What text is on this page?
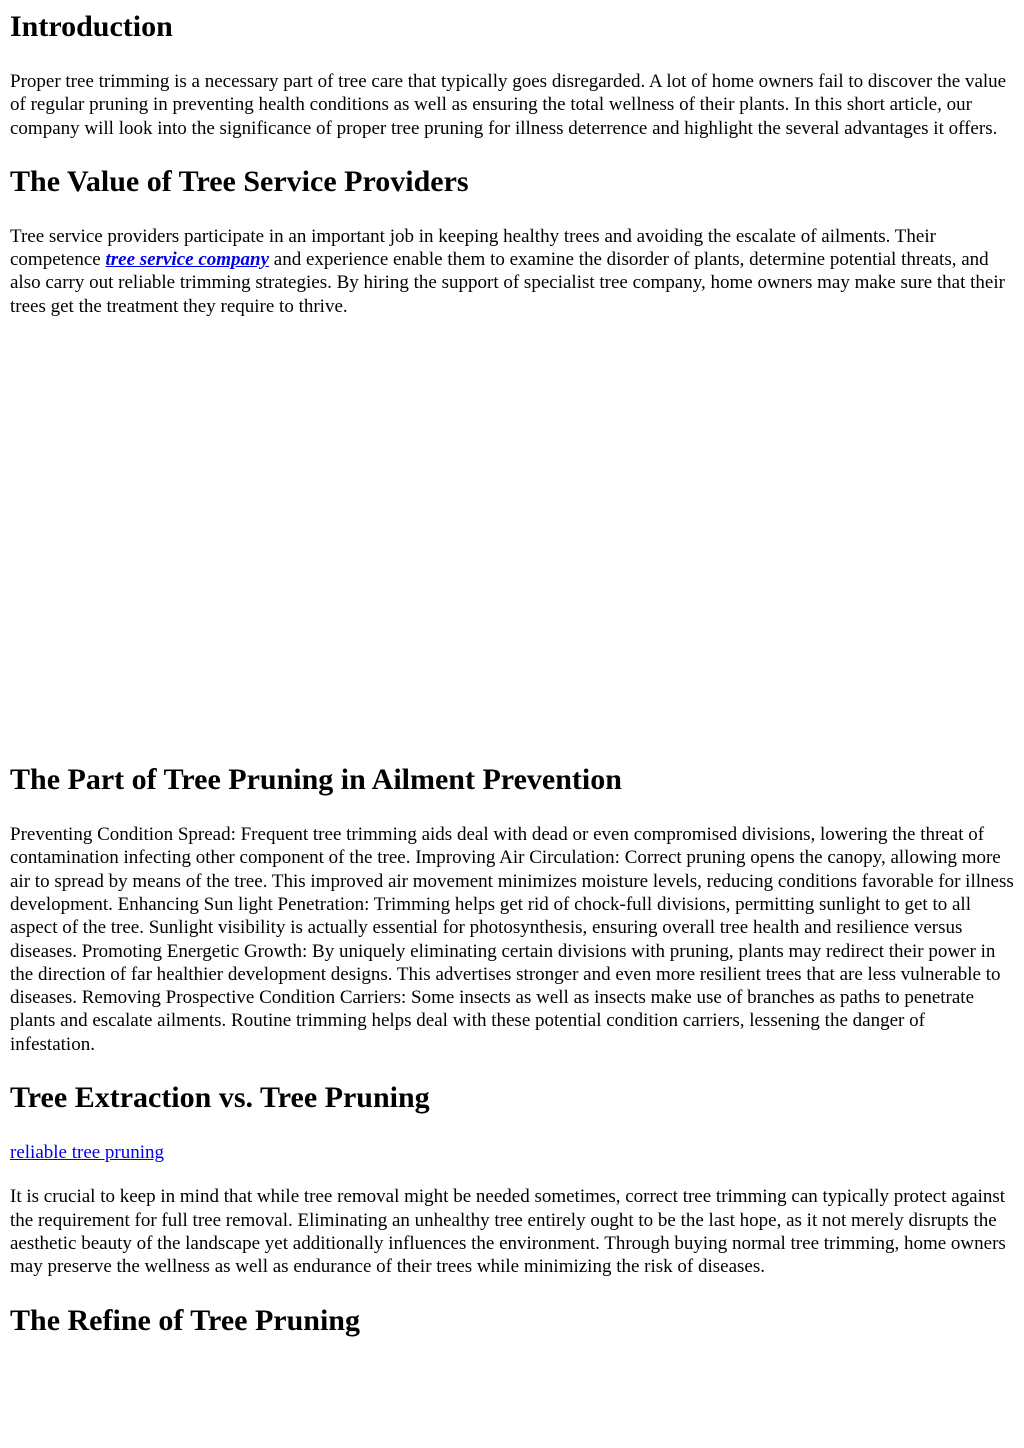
Introduction

Proper tree trimming is a necessary part of tree care that typically goes disregarded. A lot of home owners fail to discover the value of regular pruning in preventing health conditions as well as ensuring the total wellness of their plants. In this short article, our company will look into the significance of proper tree pruning for illness deterrence and highlight the several advantages it offers.

The Value of Tree Service Providers

Tree service providers participate in an important job in keeping healthy trees and avoiding the escalate of ailments. Their competence tree service company and experience enable them to examine the disorder of plants, determine potential threats, and also carry out reliable trimming strategies. By hiring the support of specialist tree company, home owners may make sure that their trees get the treatment they require to thrive.

The Part of Tree Pruning in Ailment Prevention

Preventing Condition Spread: Frequent tree trimming aids deal with dead or even compromised divisions, lowering the threat of contamination infecting other component of the tree. Improving Air Circulation: Correct pruning opens the canopy, allowing more air to spread by means of the tree. This improved air movement minimizes moisture levels, reducing conditions favorable for illness development. Enhancing Sun light Penetration: Trimming helps get rid of chock-full divisions, permitting sunlight to get to all aspect of the tree. Sunlight visibility is actually essential for photosynthesis, ensuring overall tree health and resilience versus diseases. Promoting Energetic Growth: By uniquely eliminating certain divisions with pruning, plants may redirect their power in the direction of far healthier development designs. This advertises stronger and even more resilient trees that are less vulnerable to diseases. Removing Prospective Condition Carriers: Some insects as well as insects make use of branches as paths to penetrate plants and escalate ailments. Routine trimming helps deal with these potential condition carriers, lessening the danger of infestation.

Tree Extraction vs. Tree Pruning

reliable tree pruning

It is crucial to keep in mind that while tree removal might be needed sometimes, correct tree trimming can typically protect against the requirement for full tree removal. Eliminating an unhealthy tree entirely ought to be the last hope, as it not merely disrupts the aesthetic beauty of the landscape yet additionally influences the environment. Through buying normal tree trimming, home owners may preserve the wellness as well as endurance of their trees while minimizing the risk of diseases.

The Refine of Tree Pruning
